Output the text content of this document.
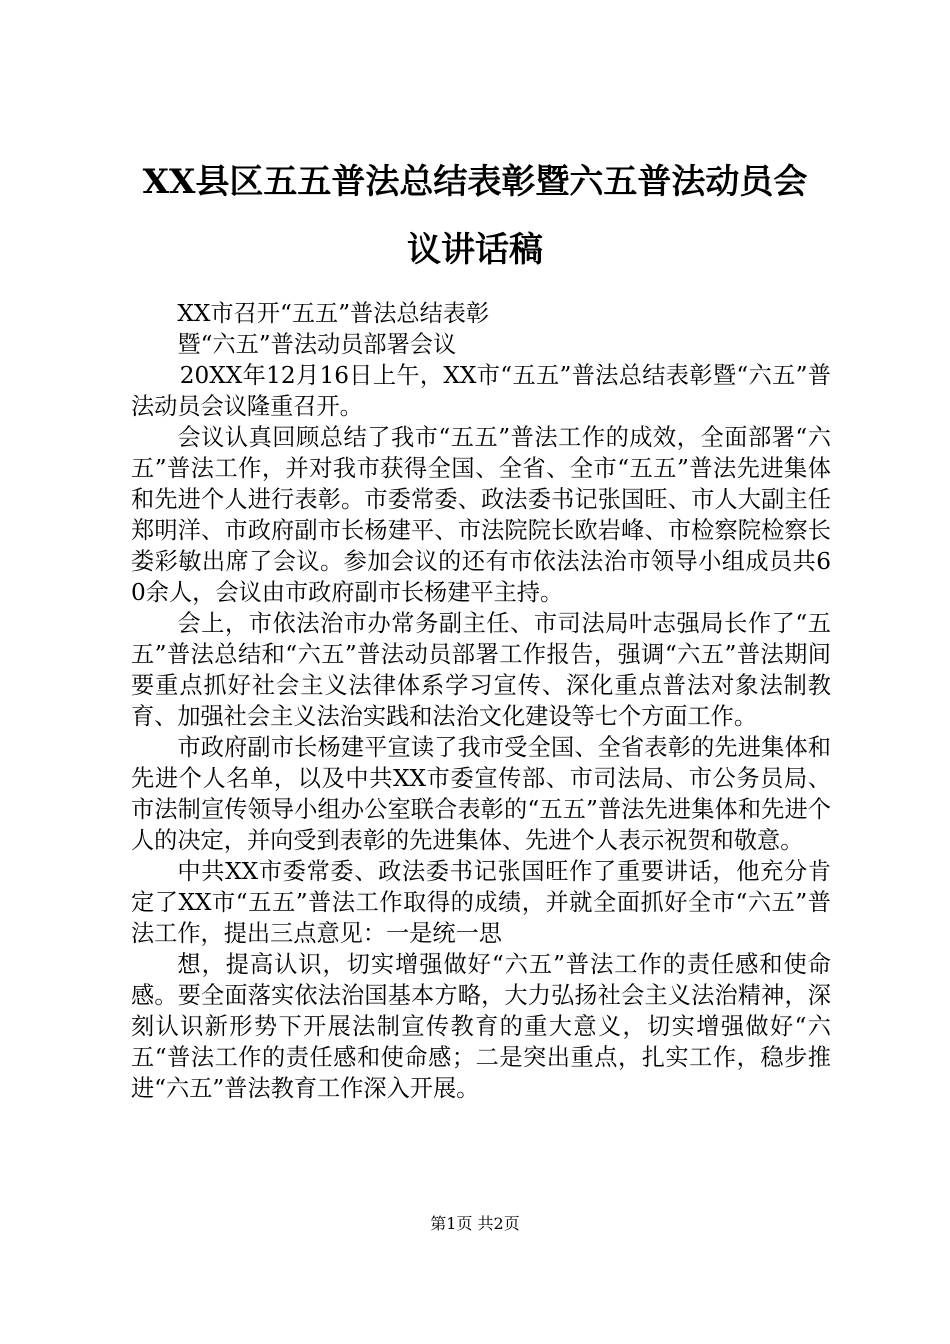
XX县区五五普法总结表彰暨六五普法动员会
议讲话稿

XX市召开“五五”普法总结表彰

暨“六五”普法动员部署会议

20XX年12月16日上午，XX市“五五”普法总结表彰暨“六五”普法动员会议隆重召开。

会议认真回顾总结了我市“五五”普法工作的成效，全面部署“六五”普法工作，并对我市获得全国、全省、全市“五五”普法先进集体和先进个人进行表彰。市委常委、政法委书记张国旺、市人大副主任郑明洋、市政府副市长杨建平、市法院院长欧岩峰、市检察院检察长娄彩敏出席了会议。参加会议的还有市依法法治市领导小组成员共60余人，会议由市政府副市长杨建平主持。

会上，市依法治市办常务副主任、市司法局叶志强局长作了“五五”普法总结和“六五”普法动员部署工作报告，强调“六五”普法期间要重点抓好社会主义法律体系学习宣传、深化重点普法对象法制教育、加强社会主义法治实践和法治文化建设等七个方面工作。

市政府副市长杨建平宣读了我市受全国、全省表彰的先进集体和先进个人名单，以及中共XX市委宣传部、市司法局、市公务员局、市法制宣传领导小组办公室联合表彰的“五五”普法先进集体和先进个人的决定，并向受到表彰的先进集体、先进个人表示祝贺和敬意。

中共XX市委常委、政法委书记张国旺作了重要讲话，他充分肯定了XX市“五五”普法工作取得的成绩，并就全面抓好全市“六五”普法工作，提出三点意见：一是统一思

想，提高认识，切实增强做好“六五”普法工作的责任感和使命感。要全面落实依法治国基本方略，大力弘扬社会主义法治精神，深刻认识新形势下开展法制宣传教育的重大意义，切实增强做好“六五“普法工作的责任感和使命感；二是突出重点，扎实工作，稳步推进“六五”普法教育工作深入开展。

第1页 共2页
